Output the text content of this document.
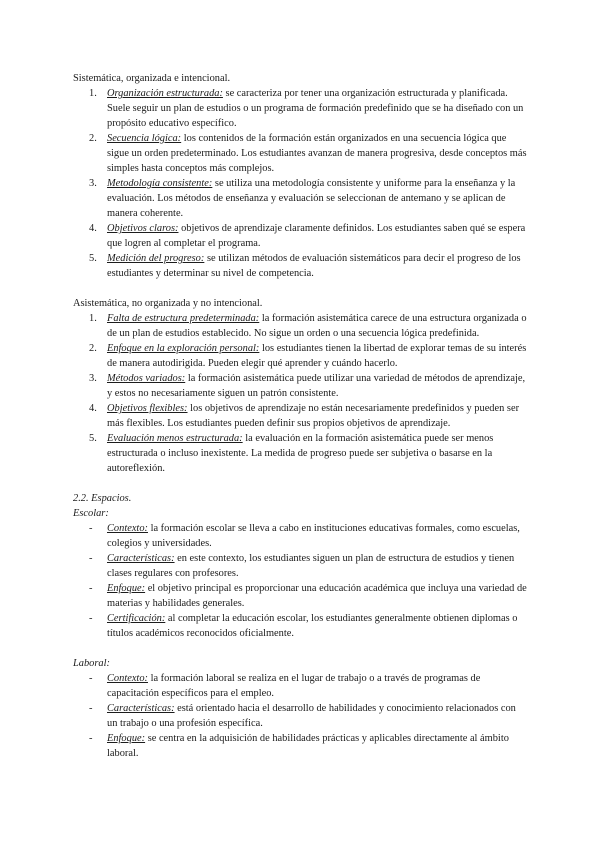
Sistemática, organizada e intencional.

1. Organización estructurada: se caracteriza por tener una organización estructurada y planificada. Suele seguir un plan de estudios o un programa de formación predefinido que se ha diseñado con un propósito educativo específico.
2. Secuencia lógica: los contenidos de la formación están organizados en una secuencia lógica que sigue un orden predeterminado. Los estudiantes avanzan de manera progresiva, desde conceptos más simples hasta conceptos más complejos.
3. Metodología consistente: se utiliza una metodología consistente y uniforme para la enseñanza y la evaluación. Los métodos de enseñanza y evaluación se seleccionan de antemano y se aplican de manera coherente.
4. Objetivos claros: objetivos de aprendizaje claramente definidos. Los estudiantes saben qué se espera que logren al completar el programa.
5. Medición del progreso: se utilizan métodos de evaluación sistemáticos para decir el progreso de los estudiantes y determinar su nivel de competencia.

Asistemática, no organizada y no intencional.

1. Falta de estructura predeterminada: la formación asistemática carece de una estructura organizada o de un plan de estudios establecido. No sigue un orden o una secuencia lógica predefinida.
2. Enfoque en la exploración personal: los estudiantes tienen la libertad de explorar temas de su interés de manera autodirigida. Pueden elegir qué aprender y cuándo hacerlo.
3. Métodos variados: la formación asistemática puede utilizar una variedad de métodos de aprendizaje, y estos no necesariamente siguen un patrón consistente.
4. Objetivos flexibles: los objetivos de aprendizaje no están necesariamente predefinidos y pueden ser más flexibles. Los estudiantes pueden definir sus propios objetivos de aprendizaje.
5. Evaluación menos estructurada: la evaluación en la formación asistemática puede ser menos estructurada o incluso inexistente. La medida de progreso puede ser subjetiva o basarse en la autoreflexión.

2.2. Espacios.

Escolar:

- Contexto: la formación escolar se lleva a cabo en instituciones educativas formales, como escuelas, colegios y universidades.
- Características: en este contexto, los estudiantes siguen un plan de estructura de estudios y tienen clases regulares con profesores.
- Enfoque: el objetivo principal es proporcionar una educación académica que incluya una variedad de materias y habilidades generales.
- Certificación: al completar la educación escolar, los estudiantes generalmente obtienen diplomas o títulos académicos reconocidos oficialmente.

Laboral:

- Contexto: la formación laboral se realiza en el lugar de trabajo o a través de programas de capacitación específicos para el empleo.
- Características: está orientado hacia el desarrollo de habilidades y conocimiento relacionados con un trabajo o una profesión específica.
- Enfoque: se centra en la adquisición de habilidades prácticas y aplicables directamente al ámbito laboral.
